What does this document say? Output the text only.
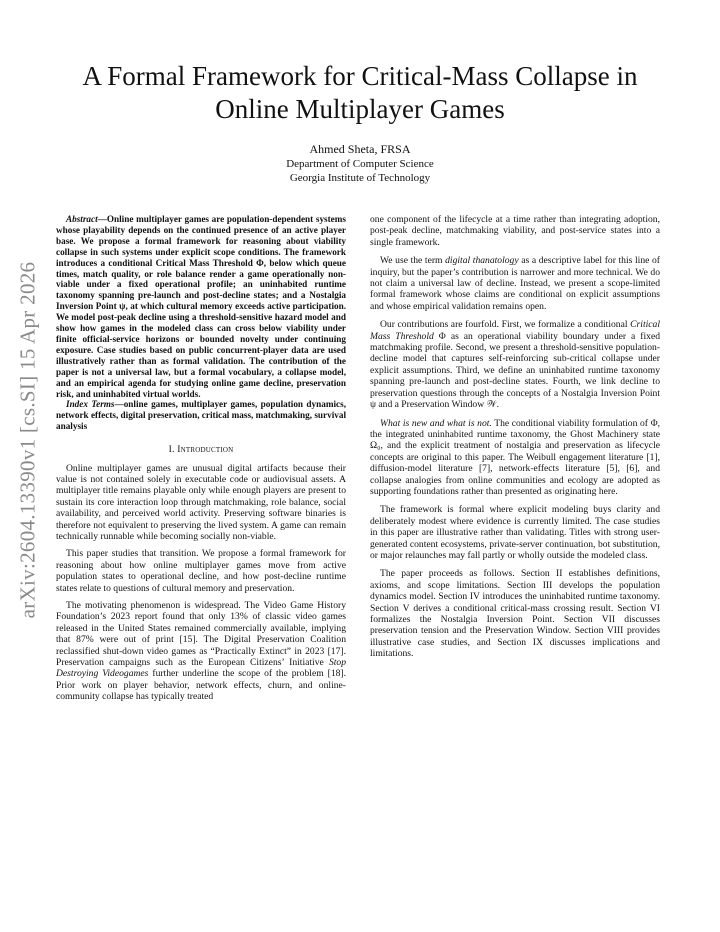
arXiv:2604.13390v1 [cs.SI] 15 Apr 2026
A Formal Framework for Critical-Mass Collapse in
Online Multiplayer Games
Ahmed Sheta, FRSA
Department of Computer Science
Georgia Institute of Technology

Abstract—Online multiplayer games are population-dependent systems whose playability depends on the continued presence of an active player base. We propose a formal framework for reasoning about viability collapse in such systems under explicit scope conditions. The framework introduces a conditional Critical Mass Threshold Φ, below which queue times, match quality, or role balance render a game operationally non-viable under a fixed operational profile; an uninhabited runtime taxonomy spanning pre-launch and post-decline states; and a Nostalgia Inversion Point ψ, at which cultural memory exceeds active participation. We model post-peak decline using a threshold-sensitive hazard model and show how games in the modeled class can cross below viability under finite official-service horizons or bounded novelty under continuing exposure. Case studies based on public concurrent-player data are used illustratively rather than as formal validation. The contribution of the paper is not a universal law, but a formal vocabulary, a collapse model, and an empirical agenda for studying online game decline, preservation risk, and uninhabited virtual worlds.

Index Terms—online games, multiplayer games, population dynamics, network effects, digital preservation, critical mass, matchmaking, survival analysis

I. Introduction

Online multiplayer games are unusual digital artifacts because their value is not contained solely in executable code or audiovisual assets. A multiplayer title remains playable only while enough players are present to sustain its core interaction loop through matchmaking, role balance, social availability, and perceived world activity. Preserving software binaries is therefore not equivalent to preserving the lived system. A game can remain technically runnable while becoming socially non-viable.

This paper studies that transition. We propose a formal framework for reasoning about how online multiplayer games move from active population states to operational decline, and how post-decline runtime states relate to questions of cultural memory and preservation.

The motivating phenomenon is widespread. The Video Game History Foundation’s 2023 report found that only 13% of classic video games released in the United States remained commercially available, implying that 87% were out of print [15]. The Digital Preservation Coalition reclassified shut-down video games as “Practically Extinct” in 2023 [17]. Preservation campaigns such as the European Citizens’ Initiative Stop Destroying Videogames further underline the scope of the problem [18]. Prior work on player behavior, network effects, churn, and online-community collapse has typically treated

one component of the lifecycle at a time rather than integrating adoption, post-peak decline, matchmaking viability, and post-service states into a single framework.

We use the term digital thanatology as a descriptive label for this line of inquiry, but the paper’s contribution is narrower and more technical. We do not claim a universal law of decline. Instead, we present a scope-limited formal framework whose claims are conditional on explicit assumptions and whose empirical validation remains open.

Our contributions are fourfold. First, we formalize a conditional Critical Mass Threshold Φ as an operational viability boundary under a fixed matchmaking profile. Second, we present a threshold-sensitive population-decline model that captures self-reinforcing sub-critical collapse under explicit assumptions. Third, we define an uninhabited runtime taxonomy spanning pre-launch and post-decline states. Fourth, we link decline to preservation questions through the concepts of a Nostalgia Inversion Point ψ and a Preservation Window 𝒲.

What is new and what is not. The conditional viability formulation of Φ, the integrated uninhabited runtime taxonomy, the Ghost Machinery state Ω₀, and the explicit treatment of nostalgia and preservation as lifecycle concepts are original to this paper. The Weibull engagement literature [1], diffusion-model literature [7], network-effects literature [5], [6], and collapse analogies from online communities and ecology are adopted as supporting foundations rather than presented as originating here.

The framework is formal where explicit modeling buys clarity and deliberately modest where evidence is currently limited. The case studies in this paper are illustrative rather than validating. Titles with strong user-generated content ecosystems, private-server continuation, bot substitution, or major relaunches may fall partly or wholly outside the modeled class.

The paper proceeds as follows. Section II establishes definitions, axioms, and scope limitations. Section III develops the population dynamics model. Section IV introduces the uninhabited runtime taxonomy. Section V derives a conditional critical-mass crossing result. Section VI formalizes the Nostalgia Inversion Point. Section VII discusses preservation tension and the Preservation Window. Section VIII provides illustrative case studies, and Section IX discusses implications and limitations.
